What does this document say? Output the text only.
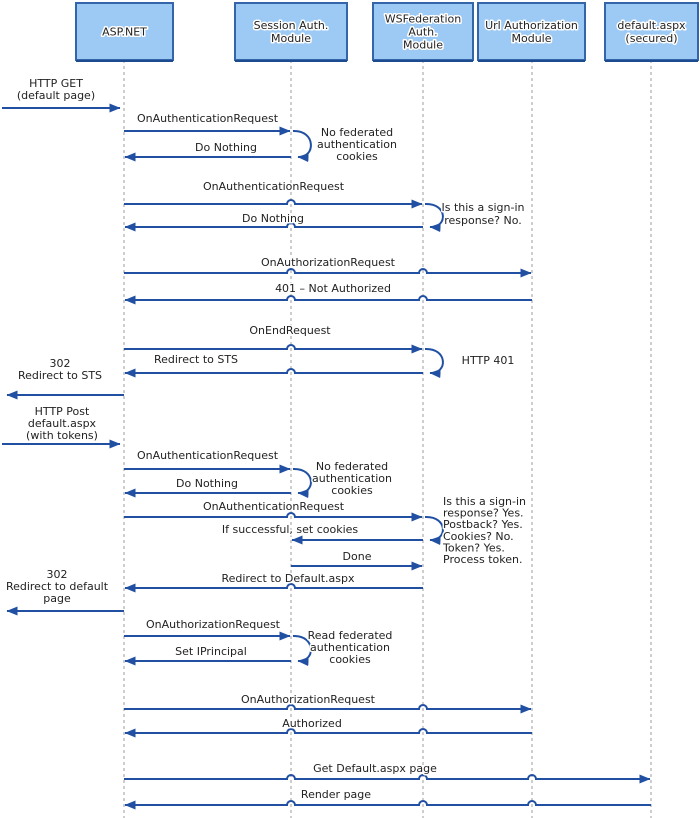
ASP.NET	Session Auth. Module
WSFederation Auth. Module
Url Authorization Module
default.aspx (secured)
OnAuthenticationRequest
Do Nothing
OnAuthenticationRequest
Do Nothing
OnAuthorizationRequest
401 – Not Authorized
OnEndRequest
Redirect to STS
OnAuthenticationRequest
Do Nothing
OnAuthenticationRequest
If successful, set cookies
Done
Redirect to Default.aspx
OnAuthorizationRequest
Set IPrincipal
OnAuthorizationRequest
Authorized
Get Default.aspx page
Render page
HTTP GET (default page)
302 Redirect to STS
HTTP Post default.aspx (with tokens)
302 Redirect to default page
No federated authentication cookies
Is this a sign-in response? No.
HTTP 401
No federated authentication cookies
Is this a sign-in response? Yes. Postback? Yes. Cookies? No. Token? Yes. Process token.
Read federated authentication cookies
